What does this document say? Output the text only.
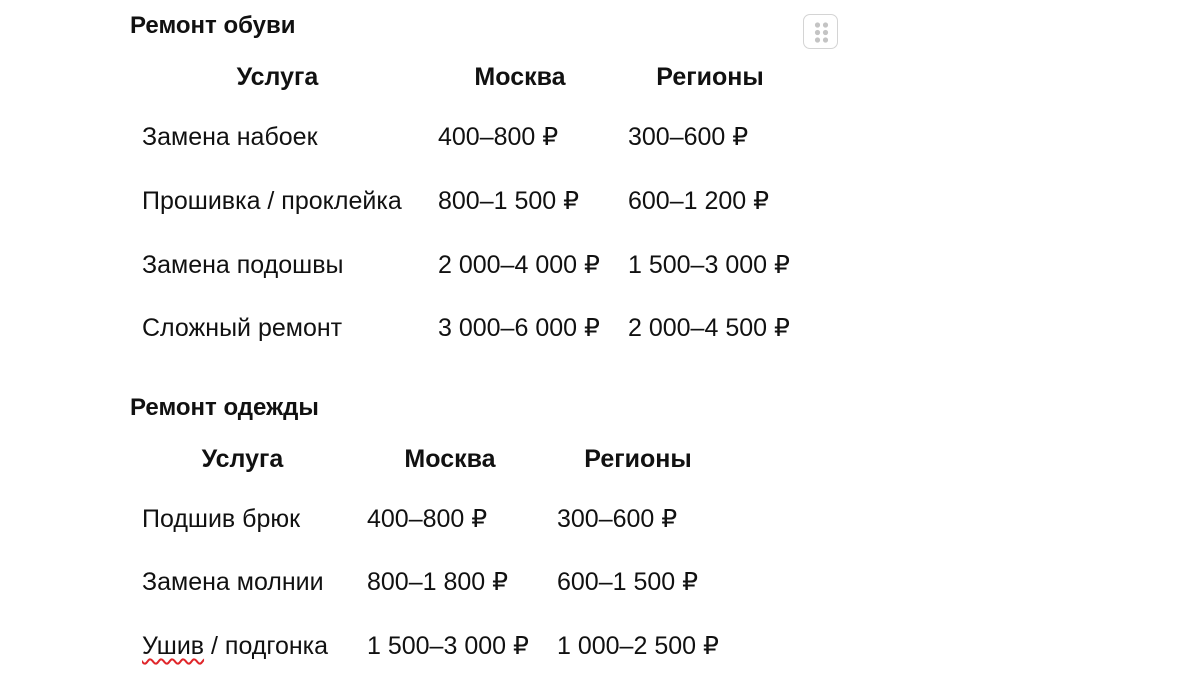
Ремонт обуви
Услуга	Москва	Регионы
Замена набоек	400–800 ₽	300–600 ₽
Прошивка / проклейка 800–1 500 ₽ 600–1 200 ₽
Замена подошвы	2 000–4 000 ₽ 1 500–3 000 ₽
Сложный ремонт	3 000–6 000 ₽ 2 000–4 500 ₽
Ремонт одежды
Услуга	Москва	Регионы
Подшив брюк	400–800 ₽	300–600 ₽
Замена молнии 800–1 800 ₽ 600–1 500 ₽
Ушив / подгонка 1 500–3 000 ₽ 1 000–2 500 ₽
